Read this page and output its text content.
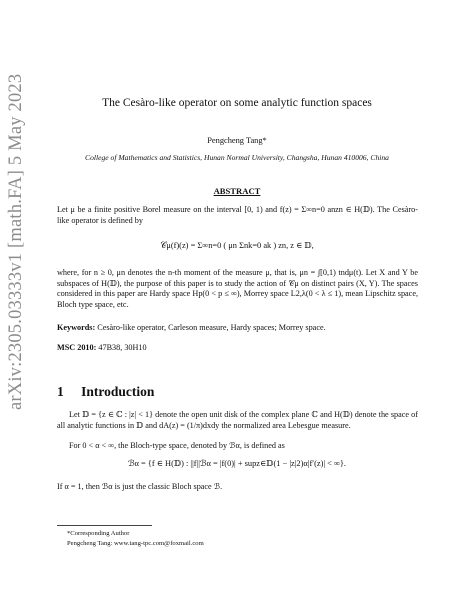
arXiv:2305.03333v1 [math.FA] 5 May 2023	The Cesàro-like operator on some analytic function spaces
Pengcheng Tang*
College of Mathematics and Statistics, Hunan Normal University, Changsha, Hunan 410006, China
ABSTRACT
Let μ be a finite positive Borel measure on the interval [0, 1) and f(z) = Σ∞n=0 anzn ∈ H(𝔻). The Cesàro-like operator is defined by
𝒞μ(f)(z) = Σ∞n=0 ( μn Σnk=0 ak ) zn, z ∈ 𝔻,
where, for n ≥ 0, μn denotes the n-th moment of the measure μ, that is, μn = ∫[0,1) tndμ(t). Let X and Y be subspaces of H(𝔻), the purpose of this paper is to study the action of 𝒞μ on distinct pairs (X, Y). The spaces considered in this paper are Hardy space Hp(0 < p ≤ ∞), Morrey space L2,λ(0 < λ ≤ 1), mean Lipschitz space, Bloch type space, etc.
Keywords: Cesàro-like operator, Carleson measure, Hardy spaces; Morrey space.
MSC 2010: 47B38, 30H10
1 Introduction
Let 𝔻 = {z ∈ ℂ : |z| < 1} denote the open unit disk of the complex plane ℂ and H(𝔻) denote the space of all analytic functions in 𝔻 and dA(z) = (1/π)dxdy the normalized area Lebesgue measure.
For 0 < α < ∞, the Bloch-type space, denoted by ℬα, is defined as
ℬα = {f ∈ H(𝔻) : ||f||ℬα = |f(0)| + supz∈𝔻(1 − |z|2)α|f′(z)| < ∞}.
If α = 1, then ℬα is just the classic Bloch space ℬ.
*Corresponding Author
Pengcheng Tang: www.tang-tpc.com@foxmail.com
